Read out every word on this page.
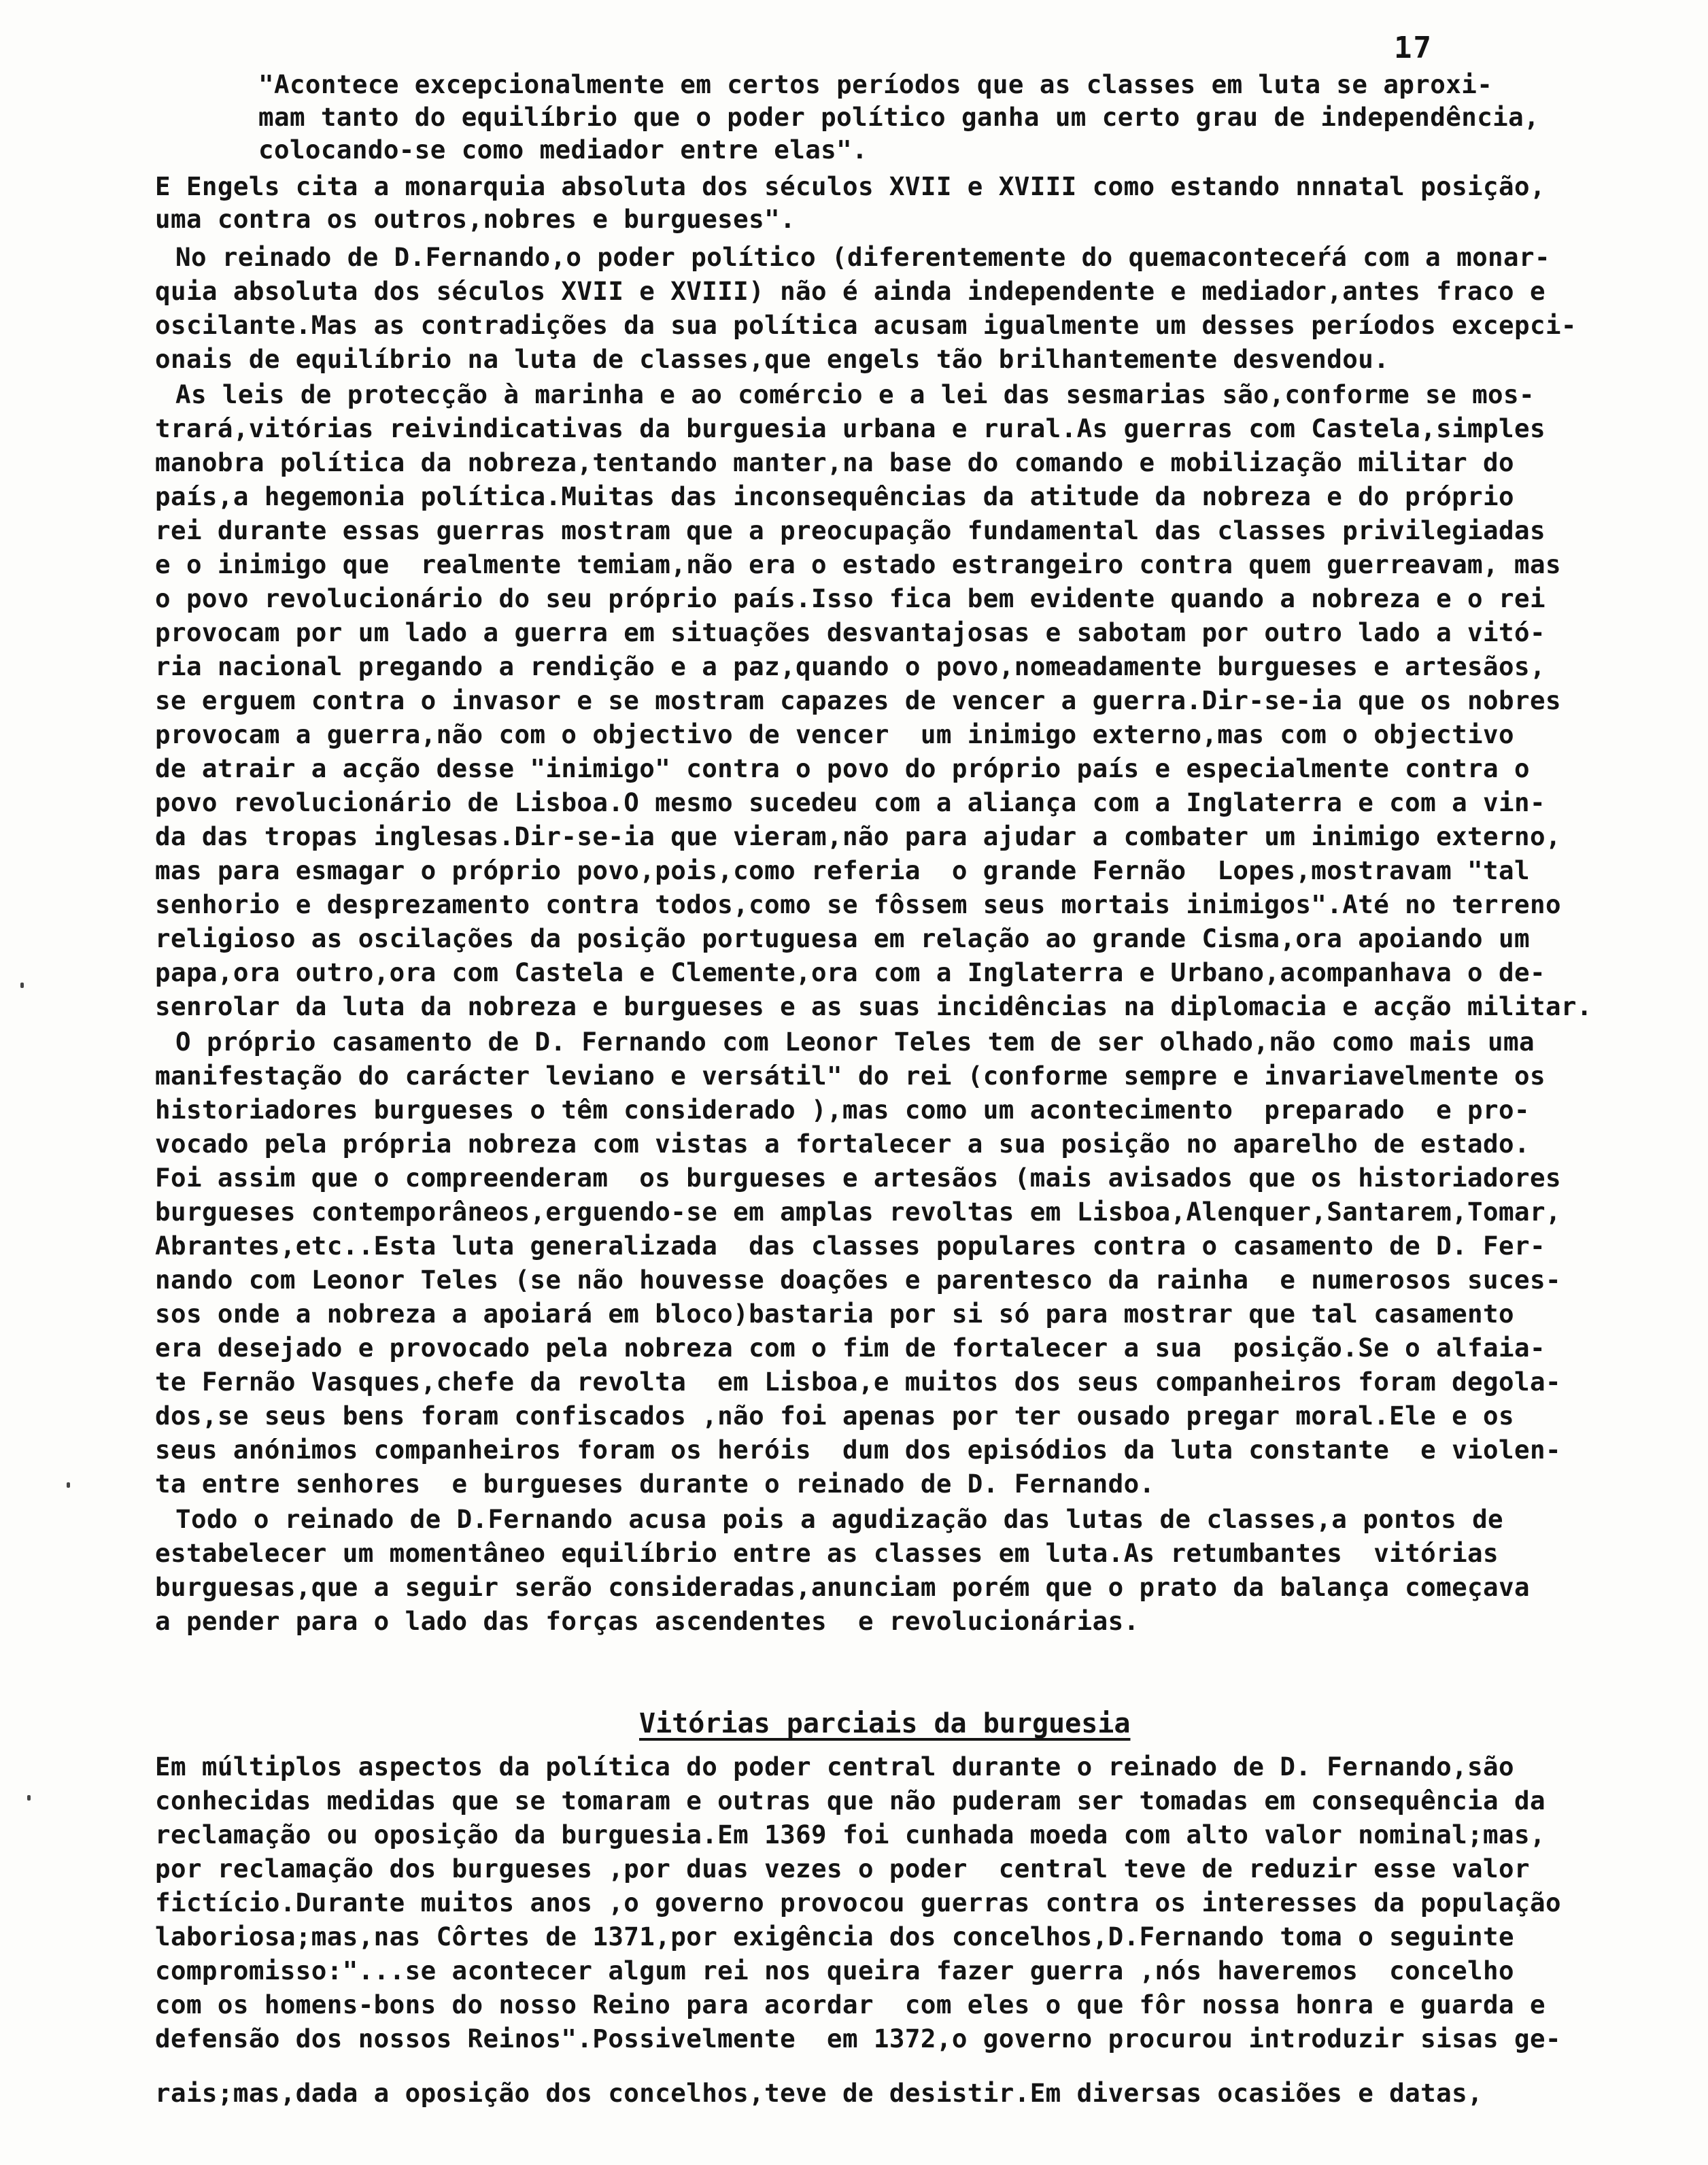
17
"Acontece excepcionalmente em certos períodos que as classes em luta se aproxi-
mam tanto do equilíbrio que o poder político ganha um certo grau de independência,
colocando-se como mediador entre elas".
E Engels cita a monarquia absoluta dos séculos XVII e XVIII como estando nnnatal posição,
uma contra os outros,nobres e burgueses".
No reinado de D.Fernando,o poder político (diferentemente do quemaconteceŕá com a monar-
quia absoluta dos séculos XVII e XVIII) não é ainda independente e mediador,antes fraco e
oscilante.Mas as contradições da sua política acusam igualmente um desses períodos excepci-
onais de equilíbrio na luta de classes,que engels tão brilhantemente desvendou.
As leis de protecção à marinha e ao comércio e a lei das sesmarias são,conforme se mos-
trará,vitórias reivindicativas da burguesia urbana e rural.As guerras com Castela,simples
manobra política da nobreza,tentando manter,na base do comando e mobilização militar do
país,a hegemonia política.Muitas das inconsequências da atitude da nobreza e do próprio
rei durante essas guerras mostram que a preocupação fundamental das classes privilegiadas
e o inimigo que  realmente temiam,não era o estado estrangeiro contra quem guerreavam, mas
o povo revolucionário do seu próprio país.Isso fica bem evidente quando a nobreza e o rei
provocam por um lado a guerra em situações desvantajosas e sabotam por outro lado a vitó-
ria nacional pregando a rendição e a paz,quando o povo,nomeadamente burgueses e artesãos,
se erguem contra o invasor e se mostram capazes de vencer a guerra.Dir-se-ia que os nobres
provocam a guerra,não com o objectivo de vencer  um inimigo externo,mas com o objectivo
de atrair a acção desse "inimigo" contra o povo do próprio país e especialmente contra o
povo revolucionário de Lisboa.O mesmo sucedeu com a aliança com a Inglaterra e com a vin-
da das tropas inglesas.Dir-se-ia que vieram,não para ajudar a combater um inimigo externo,
mas para esmagar o próprio povo,pois,como referia  o grande Fernão  Lopes,mostravam "tal
senhorio e desprezamento contra todos,como se fôssem seus mortais inimigos".Até no terreno
religioso as oscilações da posição portuguesa em relação ao grande Cisma,ora apoiando um
papa,ora outro,ora com Castela e Clemente,ora com a Inglaterra e Urbano,acompanhava o de-
senrolar da luta da nobreza e burgueses e as suas incidências na diplomacia e acção militar.
O próprio casamento de D. Fernando com Leonor Teles tem de ser olhado,não como mais uma
manifestação do carácter leviano e versátil" do rei (conforme sempre e invariavelmente os
historiadores burgueses o têm considerado ),mas como um acontecimento  preparado  e pro-
vocado pela própria nobreza com vistas a fortalecer a sua posição no aparelho de estado.
Foi assim que o compreenderam  os burgueses e artesãos (mais avisados que os historiadores
burgueses contemporâneos,erguendo-se em amplas revoltas em Lisboa,Alenquer,Santarem,Tomar,
Abrantes,etc..Esta luta generalizada  das classes populares contra o casamento de D. Fer-
nando com Leonor Teles (se não houvesse doações e parentesco da rainha  e numerosos suces-
sos onde a nobreza a apoiará em bloco)bastaria por si só para mostrar que tal casamento
era desejado e provocado pela nobreza com o fim de fortalecer a sua  posição.Se o alfaia-
te Fernão Vasques,chefe da revolta  em Lisboa,e muitos dos seus companheiros foram degola-
dos,se seus bens foram confiscados ,não foi apenas por ter ousado pregar moral.Ele e os
seus anónimos companheiros foram os heróis  dum dos episódios da luta constante  e violen-
ta entre senhores  e burgueses durante o reinado de D. Fernando.
Todo o reinado de D.Fernando acusa pois a agudização das lutas de classes,a pontos de
estabelecer um momentâneo equilíbrio entre as classes em luta.As retumbantes  vitórias
burguesas,que a seguir serão consideradas,anunciam porém que o prato da balança começava
a pender para o lado das forças ascendentes  e revolucionárias.
Vitórias parciais da burguesia
Em múltiplos aspectos da política do poder central durante o reinado de D. Fernando,são
conhecidas medidas que se tomaram e outras que não puderam ser tomadas em consequência da
reclamação ou oposição da burguesia.Em 1369 foi cunhada moeda com alto valor nominal;mas,
por reclamação dos burgueses ,por duas vezes o poder  central teve de reduzir esse valor
fictício.Durante muitos anos ,o governo provocou guerras contra os interesses da população
laboriosa;mas,nas Côrtes de 1371,por exigência dos concelhos,D.Fernando toma o seguinte
compromisso:"...se acontecer algum rei nos queira fazer guerra ,nós haveremos  concelho
com os homens-bons do nosso Reino para acordar  com eles o que fôr nossa honra e guarda e
defensão dos nossos Reinos".Possivelmente  em 1372,o governo procurou introduzir sisas ge-
rais;mas,dada a oposição dos concelhos,teve de desistir.Em diversas ocasiões e datas,
